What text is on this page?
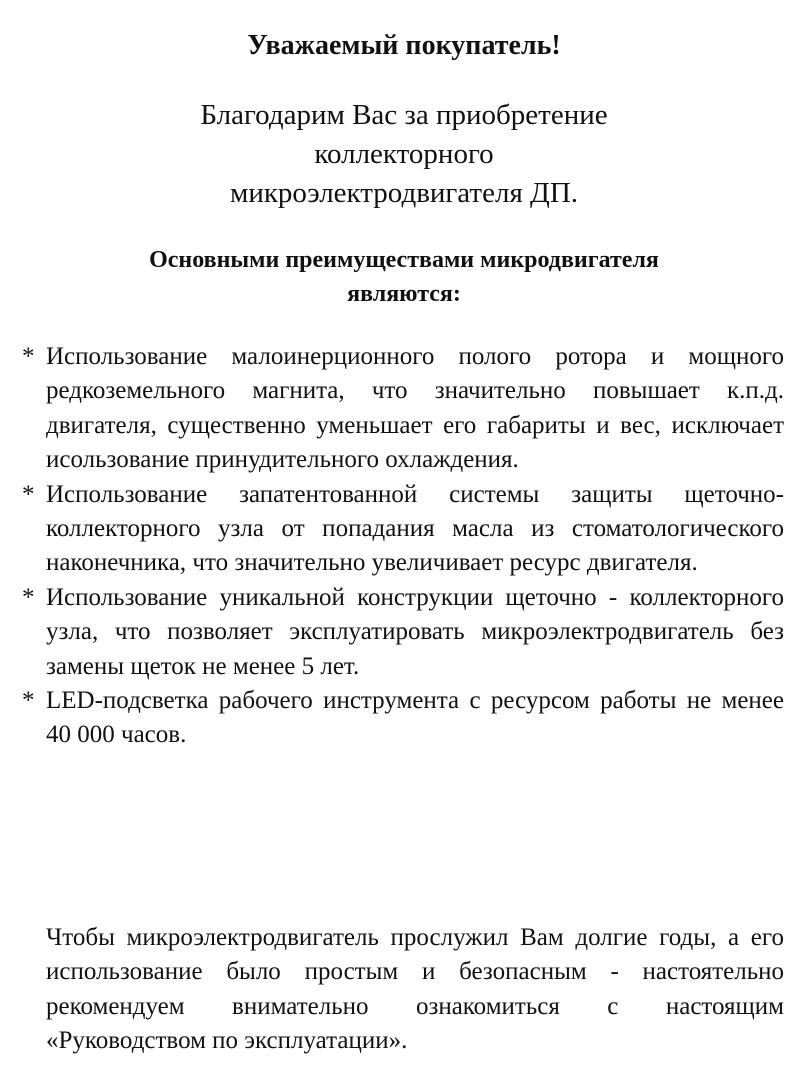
Уважаемый покупатель!
Благодарим Вас за приобретение
коллекторного
микроэлектродвигателя ДП.
Основными преимуществами микродвигателя
являются:
* Использование малоинерционного полого ротора и мощного редкоземельного магнита, что значительно повышает к.п.д. двигателя, существенно уменьшает его габариты и вес, исключает исользование принудительного охлаждения.
* Использование запатентованной системы защиты щеточно-коллекторного узла от попадания масла из стоматологического наконечника, что значительно увеличивает ресурс двигателя.
* Использование уникальной конструкции щеточно - коллекторного узла, что позволяет эксплуатировать микроэлектродвигатель без замены щеток не менее 5 лет.
* LED-подсветка рабочего инструмента с ресурсом работы не менее 40 000 часов.
Чтобы микроэлектродвигатель прослужил Вам долгие годы, а его использование было простым и безопасным - настоятельно рекомендуем внимательно ознакомиться с настоящим «Руководством по эксплуатации».
